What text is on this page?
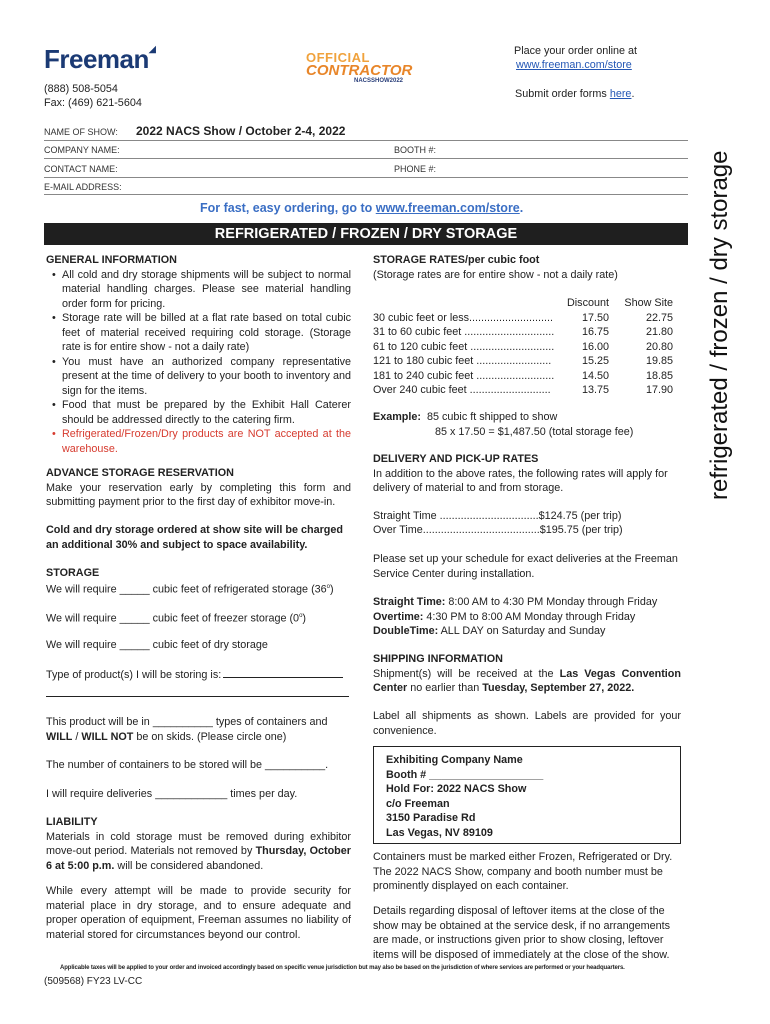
Freeman◢
OFFICIAL
CONTRACTOR
NACSSHOW2022
(888) 508-5054
Fax: (469) 621-5604
Place your order online at
www.freeman.com/store
Submit order forms here.
refrigerated / frozen / dry storage
NAME OF SHOW: 2022 NACS Show / October 2-4, 2022
COMPANY NAME:	BOOTH #:
CONTACT NAME:	PHONE #:
E-MAIL ADDRESS:
For fast, easy ordering, go to www.freeman.com/store.
REFRIGERATED / FROZEN / DRY STORAGE
GENERAL INFORMATION
• All cold and dry storage shipments will be subject to normal material handling charges. Please see material handling order form for pricing.
• Storage rate will be billed at a flat rate based on total cubic feet of material received requiring cold storage. (Storage rate is for entire show - not a daily rate)
• You must have an authorized company representative present at the time of delivery to your booth to inventory and sign for the items.
• Food that must be prepared by the Exhibit Hall Caterer should be addressed directly to the catering firm.
• Refrigerated/Frozen/Dry products are NOT accepted at the warehouse.
ADVANCE STORAGE RESERVATION
Make your reservation early by completing this form and submitting payment prior to the first day of exhibitor move-in.
Cold and dry storage ordered at show site will be charged an additional 30% and subject to space availability.
STORAGE
We will require _____ cubic feet of refrigerated storage (36$^o$)
We will require _____ cubic feet of freezer storage (0$^o$)
We will require _____ cubic feet of dry storage
Type of product(s) I will be storing is:
This product will be in __________ types of containers and
WILL / WILL NOT be on skids. (Please circle one)
The number of containers to be stored will be __________.
I will require deliveries ____________ times per day.
LIABILITY
Materials in cold storage must be removed during exhibitor move-out period. Materials not removed by Thursday, October 6 at 5:00 p.m. will be considered abandoned.
While every attempt will be made to provide security for material place in dry storage, and to ensure adequate and proper operation of equipment, Freeman assumes no liability of material stored for circumstances beyond our control.
STORAGE RATES/per cubic foot
(Storage rates are for entire show - not a daily rate)
Discount	Show Site
30 cubic feet or less............................	17.50	22.75
31 to 60 cubic feet ..............................	16.75	21.80
61 to 120 cubic feet ............................	16.00	20.80
121 to 180 cubic feet .........................	15.25	19.85
181 to 240 cubic feet ..........................	14.50	18.85
Over 240 cubic feet ...........................	13.75	17.90
Example: 85 cubic ft shipped to show
85 x 17.50 = $1,487.50 (total storage fee)
DELIVERY AND PICK-UP RATES
In addition to the above rates, the following rates will apply for delivery of material to and from storage.
Straight Time .................................$124.75 (per trip)
Over Time.......................................$195.75 (per trip)
Please set up your schedule for exact deliveries at the Freeman Service Center during installation.
Straight Time: 8:00 AM to 4:30 PM Monday through Friday
Overtime: 4:30 PM to 8:00 AM Monday through Friday
DoubleTime: ALL DAY on Saturday and Sunday
SHIPPING INFORMATION
Shipment(s) will be received at the Las Vegas Convention Center no earlier than Tuesday, September 27, 2022.
Label all shipments as shown. Labels are provided for your convenience.
Exhibiting Company Name
Booth # ___________________
Hold For: 2022 NACS Show
c/o Freeman
3150 Paradise Rd
Las Vegas, NV 89109
Containers must be marked either Frozen, Refrigerated or Dry. The 2022 NACS Show, company and booth number must be prominently displayed on each container.
Details regarding disposal of leftover items at the close of the show may be obtained at the service desk, if no arrangements are made, or instructions given prior to show closing, leftover items will be disposed of immediately at the close of the show.
Applicable taxes will be applied to your order and invoiced accordingly based on specific venue jurisdiction but may also be based on the jurisdiction of where services are performed or your headquarters.
(509568) FY23 LV-CC
